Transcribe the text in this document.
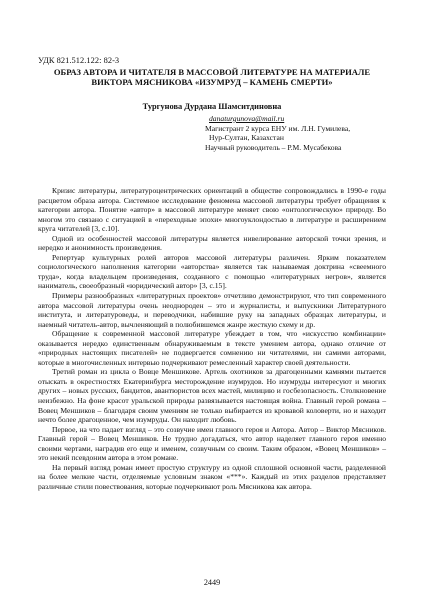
УДК 821.512.122: 82-3
ОБРАЗ АВТОРА И ЧИТАТЕЛЯ В МАССОВОЙ ЛИТЕРАТУРЕ НА МАТЕРИАЛЕ
ВИКТОРА МЯСНИКОВА «ИЗУМРУД – КАМЕНЬ СМЕРТИ»
Тургунова Дурдана Шамситдиновна
danaturgunova@mail.ru
Магистрант 2 курса ЕНУ им. Л.Н. Гумилева,
Нур-Султан, Казахстан
Научный руководитель – Р.М. Мусабекова

Кризис литературы, литературоцентрических ориентаций в обществе сопровождались в 1990-е годы расцветом образа автора. Системное исследование феномена массовой литературы требует обращения к категории автора. Понятие «автор» в массовой литературе меняет свою «онтологическую» природу. Во многом это связано с ситуацией в «переходные эпохи» многоуклондостью в литературе и расширением круга читателей [3, с.10].

Одной из особенностей массовой литературы является нивелирование авторской точки зрения, и нередко и анонимность произведения.

Репертуар культурных ролей авторов массовой литературы различен. Ярким показателем социологического наполнения категории «авторства» является так называемая доктрина «свеемного труда», когда владельцем произведения, созданного с помощью «литературных негров», является наниматель, своеобразный «юридический автор» [3, с.15].

Примеры разнообразных «литературных проектов» отчетливо демонстрируют, что тип современного автора массовой литературы очень неоднороден – это и журналисты, и выпускники Литературного института, и литературоведы, и переводчики, набившие руку на западных образцах литературы, и наемный читатель-автор, вычленяющий в полюбившемся жанре жесткую схему и др.

Обращение к современной массовой литературе убеждает в том, что «искусство комбинации» оказывается нередко единственным обнаруживаемым в тексте умением автора, однако отличие от «природных настоящих писателей» не подвергается сомнению ни читателями, ни самими авторами, которые в многочисленных интервью подчеркивают ремесленный характер своей деятельности.

Третий роман из цикла о Вовце Меншикове. Артель охотников за драгоценными камнями пытается отыскать в окрестностях Екатеринбурга месторождение изумрудов. Но изумруды интересуют и многих других – новых русских, бандитов, авантюристов всех мастей, милицию и госбезопасность. Столкновение неизбежно. На фоне красот уральской природы развязывается настоящая война. Главный герой романа – Вовец Меншиков – благодаря своим умениям не только выбирается из кровавой коловерти, но и находит нечто более драгоценное, чем изумруды. Он находит любовь.

Первое, на что падает взгляд – это созвучие имен главного героя и Автора. Автор – Виктор Мясников. Главный герой – Вовец Меншиков. Не трудно догадаться, что автор наделяет главного героя именно своими чертами, наградив его еще и именем, созвучным со своим. Таким образом, «Вовец Меншиков» – это некий псевдоним автора в этом романе.

На первый взгляд роман имеет простую структуру из одной сплошной основной части, разделенной на более мелкие части, отделяемые условным знаком «***». Каждый из этих разделов представляет различные стили повествования, которые подчеркивают роль Мясникова как автора.

2449
